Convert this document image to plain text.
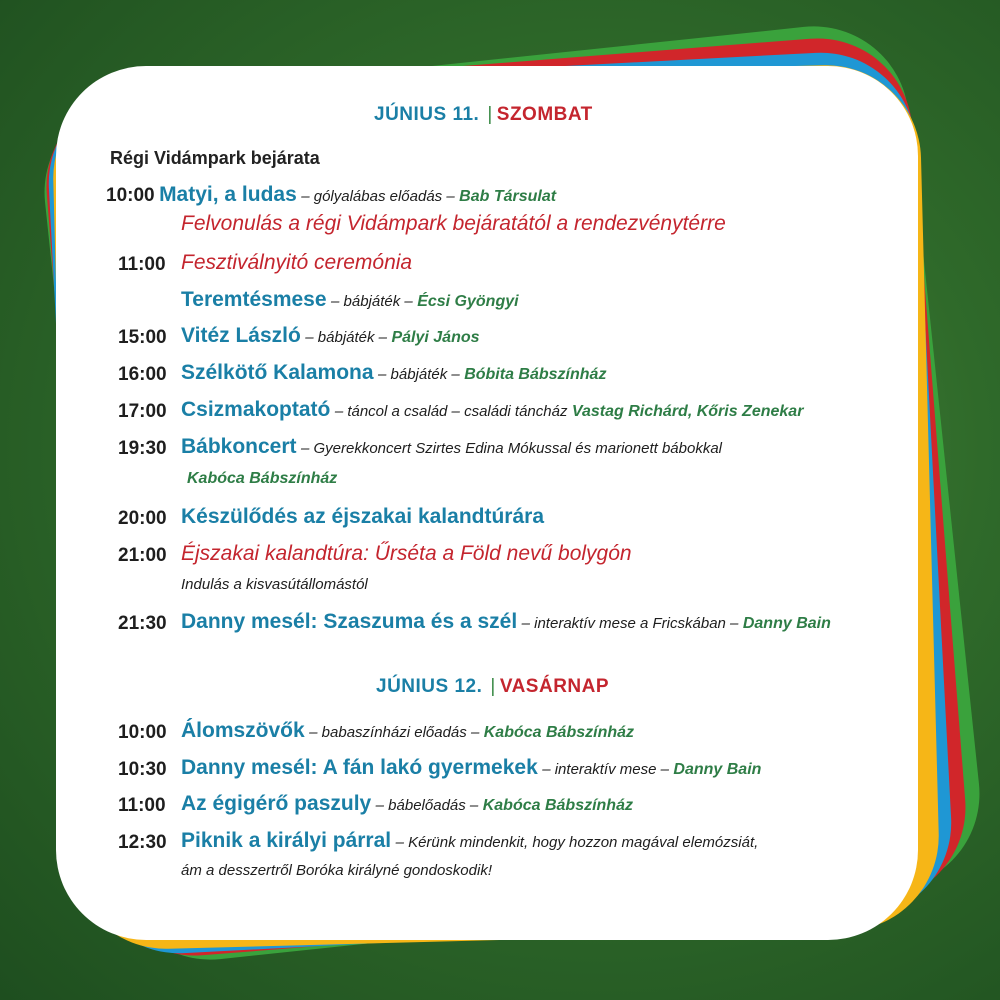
JÚNIUS 11. | SZOMBAT
Régi Vidámpark bejárata
10:00 Matyi, a ludas – gólyalábas előadás – Bab Társulat
Felvonulás a régi Vidámpark bejáratától a rendezvénytérre
11:00 Fesztiválnyitó ceremónia
Teremtésmese – bábjáték – Écsi Gyöngyi
15:00 Vitéz László – bábjáték – Pályi János
16:00 Szélkötő Kalamona – bábjáték – Bóbita Bábszínház
17:00 Csizmakoptató – táncol a család – családi táncház Vastag Richárd, Kőris Zenekar
19:30 Bábkoncert – Gyerekkoncert Szirtes Edina Mókussal és marionett bábokkal
Kabóca Bábszínház
20:00 Készülődés az éjszakai kalandtúrára
21:00 Éjszakai kalandtúra: Űrséta a Föld nevű bolygón
Indulás a kisvasútállomástól
21:30 Danny mesél: Szaszuma és a szél – interaktív mese a Fricskában – Danny Bain
JÚNIUS 12. | VASÁRNAP
10:00 Álomszövők – babaszínházi előadás – Kabóca Bábszínház
10:30 Danny mesél: A fán lakó gyermekek – interaktív mese – Danny Bain
11:00 Az égigérő paszuly – bábelőadás – Kabóca Bábszínház
12:30 Piknik a királyi párral – Kérünk mindenkit, hogy hozzon magával elemózsiát,
ám a desszertről Boróka királyné gondoskodik!
